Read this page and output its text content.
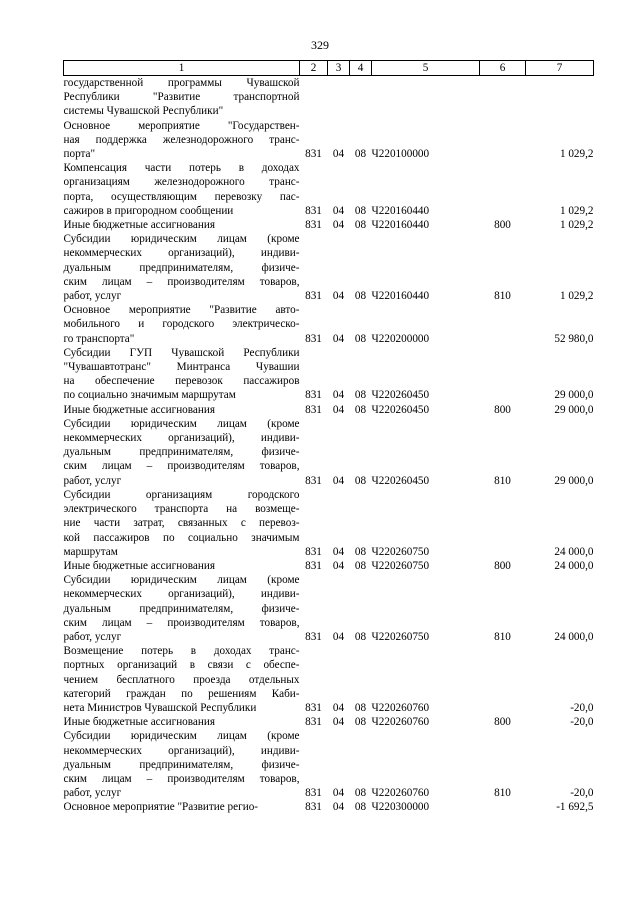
329
1	2	3	4	5	6	7

государственной программы Чувашской
Республики "Развитие транспортной
системы Чувашской Республики"						

Основное мероприятие "Государствен-
ная поддержка железнодорожного транс-
порта"	831	04	08	Ч220100000		1 029,2

Компенсация части потерь в доходах
организациям железнодорожного транс-
порта, осуществляющим перевозку пас-
сажиров в пригородном сообщении	831	04	08	Ч220160440		1 029,2

Иные бюджетные ассигнования	831	04	08	Ч220160440	800	1 029,2

Субсидии юридическим лицам (кроме
некоммерческих организаций), индиви-
дуальным предпринимателям, физиче-
ским лицам – производителям товаров,
работ, услуг	831	04	08	Ч220160440	810	1 029,2

Основное мероприятие "Развитие авто-
мобильного и городского электрическо-
го транспорта"	831	04	08	Ч220200000		52 980,0

Субсидии ГУП Чувашской Республики
"Чувашавтотранс" Минтранса Чувашии
на обеспечение перевозок пассажиров
по социально значимым маршрутам	831	04	08	Ч220260450		29 000,0

Иные бюджетные ассигнования	831	04	08	Ч220260450	800	29 000,0

Субсидии юридическим лицам (кроме
некоммерческих организаций), индиви-
дуальным предпринимателям, физиче-
ским лицам – производителям товаров,
работ, услуг	831	04	08	Ч220260450	810	29 000,0

Субсидии организациям городского
электрического транспорта на возмеще-
ние части затрат, связанных с перевоз-
кой пассажиров по социально значимым
маршрутам	831	04	08	Ч220260750		24 000,0

Иные бюджетные ассигнования	831	04	08	Ч220260750	800	24 000,0

Субсидии юридическим лицам (кроме
некоммерческих организаций), индиви-
дуальным предпринимателям, физиче-
ским лицам – производителям товаров,
работ, услуг	831	04	08	Ч220260750	810	24 000,0

Возмещение потерь в доходах транс-
портных организаций в связи с обеспе-
чением бесплатного проезда отдельных
категорий граждан по решениям Каби-
нета Министров Чувашской Республики	831	04	08	Ч220260760		-20,0

Иные бюджетные ассигнования	831	04	08	Ч220260760	800	-20,0

Субсидии юридическим лицам (кроме
некоммерческих организаций), индиви-
дуальным предпринимателям, физиче-
ским лицам – производителям товаров,
работ, услуг	831	04	08	Ч220260760	810	-20,0

Основное мероприятие "Развитие регио-	831	04	08	Ч220300000		-1 692,5
